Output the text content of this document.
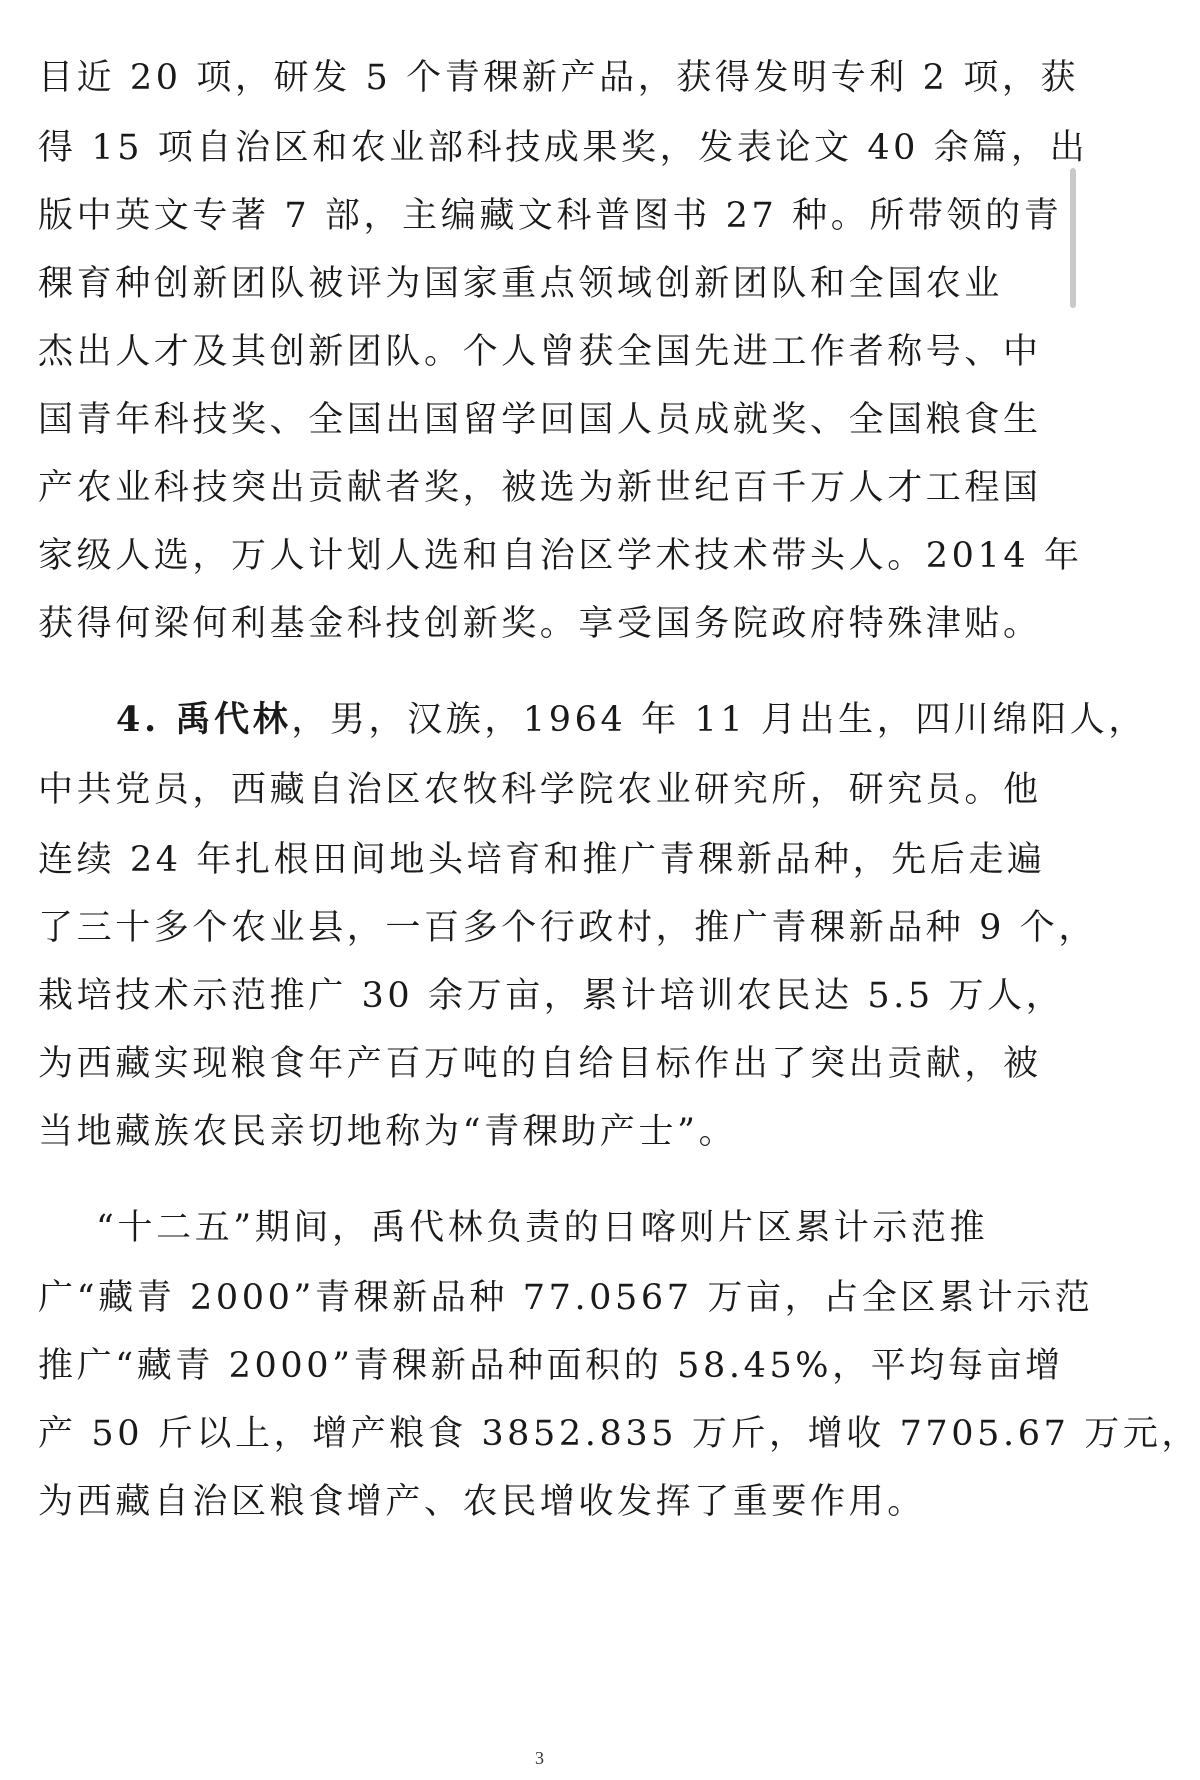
目近 20 项，研发 5 个青稞新产品，获得发明专利 2 项，获
得 15 项自治区和农业部科技成果奖，发表论文 40 余篇，出
版中英文专著 7 部，主编藏文科普图书 27 种。所带领的青
稞育种创新团队被评为国家重点领域创新团队和全国农业
杰出人才及其创新团队。个人曾获全国先进工作者称号、中
国青年科技奖、全国出国留学回国人员成就奖、全国粮食生
产农业科技突出贡献者奖，被选为新世纪百千万人才工程国
家级人选，万人计划人选和自治区学术技术带头人。2014 年
获得何梁何利基金科技创新奖。享受国务院政府特殊津贴。
4. 禹代林，男，汉族，1964 年 11 月出生，四川绵阳人，
中共党员，西藏自治区农牧科学院农业研究所，研究员。他
连续 24 年扎根田间地头培育和推广青稞新品种，先后走遍
了三十多个农业县，一百多个行政村，推广青稞新品种 9 个，
栽培技术示范推广 30 余万亩，累计培训农民达 5.5 万人，
为西藏实现粮食年产百万吨的自给目标作出了突出贡献，被
当地藏族农民亲切地称为“青稞助产士”。
“十二五”期间，禹代林负责的日喀则片区累计示范推
广“藏青 2000”青稞新品种 77.0567 万亩，占全区累计示范
推广“藏青 2000”青稞新品种面积的 58.45%，平均每亩增
产 50 斤以上，增产粮食 3852.835 万斤，增收 7705.67 万元，
为西藏自治区粮食增产、农民增收发挥了重要作用。
3
